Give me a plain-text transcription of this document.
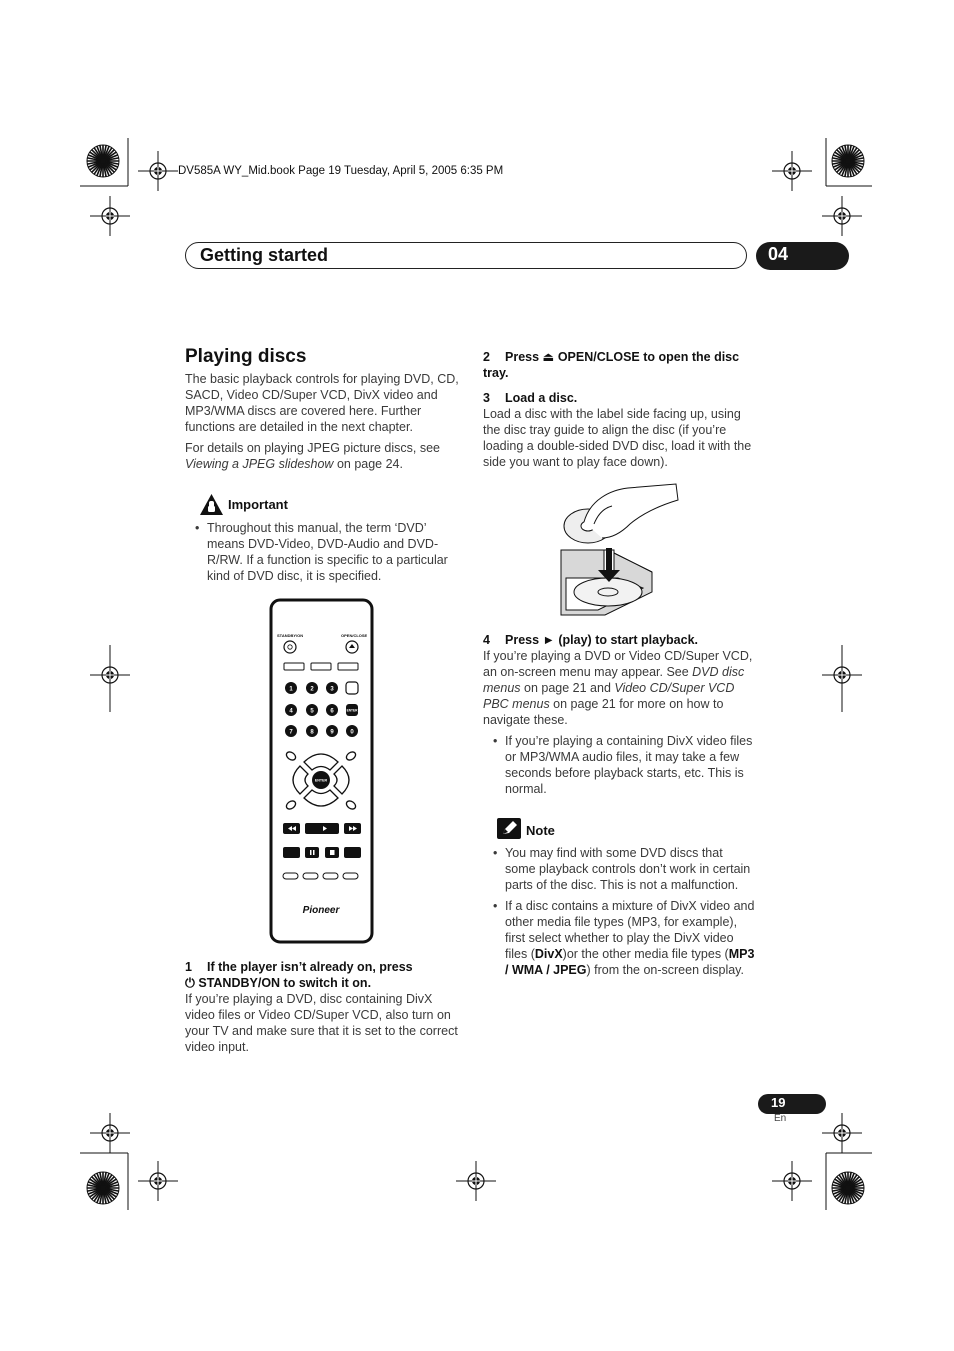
DV585A WY_Mid.book Page 19 Tuesday, April 5, 2005 6:35 PM
Getting started	04
Playing discs

The basic playback controls for playing DVD, CD, SACD, Video CD/Super VCD, DivX video and MP3/WMA discs are covered here. Further functions are detailed in the next chapter.

For details on playing JPEG picture discs, see Viewing a JPEG slideshow on page 24.

Important

• Throughout this manual, the term ‘DVD’ means DVD-Video, DVD-Audio and DVD-R/RW. If a function is specific to a particular kind of DVD disc, it is specified.

STANDBY/ON	OPEN/CLOSE
1	2	3
4	5	6
7	8	9	0
ENTER
ENTER
Pioneer

1 If the player isn’t already on, press
⏻ STANDBY/ON to switch it on.

If you’re playing a DVD, disc containing DivX video files or Video CD/Super VCD, also turn on your TV and make sure that it is set to the correct video input.

2 Press ⏏ OPEN/CLOSE to open the disc tray.

3 Load a disc.

Load a disc with the label side facing up, using the disc tray guide to align the disc (if you’re loading a double-sided DVD disc, load it with the side you want to play face down).

4 Press ► (play) to start playback.

If you’re playing a DVD or Video CD/Super VCD, an on-screen menu may appear. See DVD disc menus on page 21 and Video CD/Super VCD PBC menus on page 21 for more on how to navigate these.

• If you’re playing a containing DivX video files or MP3/WMA audio files, it may take a few seconds before playback starts, etc. This is normal.

Note

• You may find with some DVD discs that some playback controls don’t work in certain parts of the disc. This is not a malfunction.

• If a disc contains a mixture of DivX video and other media file types (MP3, for example), first select whether to play the DivX video files (DivX)or the other media file types (MP3 / WMA / JPEG) from the on-screen display.

19
En
